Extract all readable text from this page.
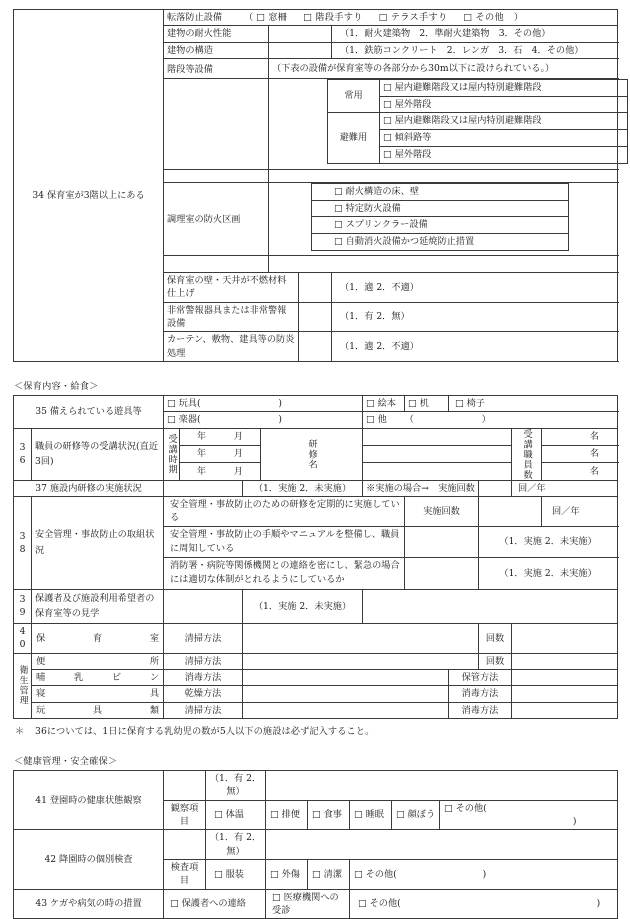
34 保育室が3階以上にある	転落防止設備 （ □ 窓柵 □ 階段手すり □ テラス手すり □ その他 ）
建物の耐火性能		（1．耐火建築物　2．準耐火建築物　3．その他）
建物の構造		（1．鉄筋コンクリート　2．レンガ　3．石　4．その他）
階段等設備	（下表の設備が保育室等の各部分から30m以下に設けられている。）

常用	□ 屋内避難階段又は屋内特別避難階段
□ 屋外階段
避難用	□ 屋内避難階段又は屋内特別避難階段
□ 傾斜路等
□ 屋外階段

調理室の防火区画	
□ 耐火構造の床、壁
□ 特定防火設備
□ スプリンクラー設備
□ 自動消火設備かつ延焼防止措置

保育室の壁・天井が不燃材料仕上げ		（1．適 2．不適）
非常警報器具または非常警報設備		（1．有 2．無）
カーテン、敷物、建具等の防炎処理		（1．適 2．不適）
＜保育内容・給食＞
35 備えられている遊具等		□ 玩具( )				□ 絵本	□ 机	□ 椅子				
		□ 楽器( )				□ 他 （ ）						
36	職員の研修等の受講状況(直近3回)	受講時期	年 月		研修名					受講職員数	名	
			年 月								名	
			年 月								名	
37 施設内研修の実施状況				（1．実施 2．未実施）		※実施の場合→　実施回数				回／年		
38	安全管理・事故防止の取組状況	安全管理・事故防止のための研修を定期的に実施している					実施回数				回／年	
		安全管理・事故防止の手順やマニュアルを整備し、職員に周知している							（1．実施 2．未実施）			
		消防署・病院等関係機関との連絡を密にし、緊急の場合には適切な体制がとれるようにしているか							（1．実施 2．未実施）			
39	保護者及び施設利用希望者の保育室等の見学			（1．実施 2．未実施）								
40	保 育 室	清掃方法							回数			

衛生管理	便 所	清掃方法							回数			

	哺 乳 ビ ン	消毒方法						保管方法				

	寝 具	乾燥方法						消毒方法				

	玩 具 類	清掃方法						消毒方法				
＊ 36については、1日に保育する乳幼児の数が5人以下の施設は必ず記入すること。
＜健康管理・安全確保＞
41 登園時の健康状態観察		（1．有 2．無）					
	観察項目	□ 体温	□ 排便	□ 食事	□ 睡眠	□ 顔ぼう	□ その他(  )
42 降園時の個別検査		（1．有 2．無）					
	検査項目	□ 服装	□ 外傷	□ 清潔	□ その他( )		
43 ケガや病気の時の措置	□ 保護者への連絡		□ 医療機関への受診		□ その他( )		
